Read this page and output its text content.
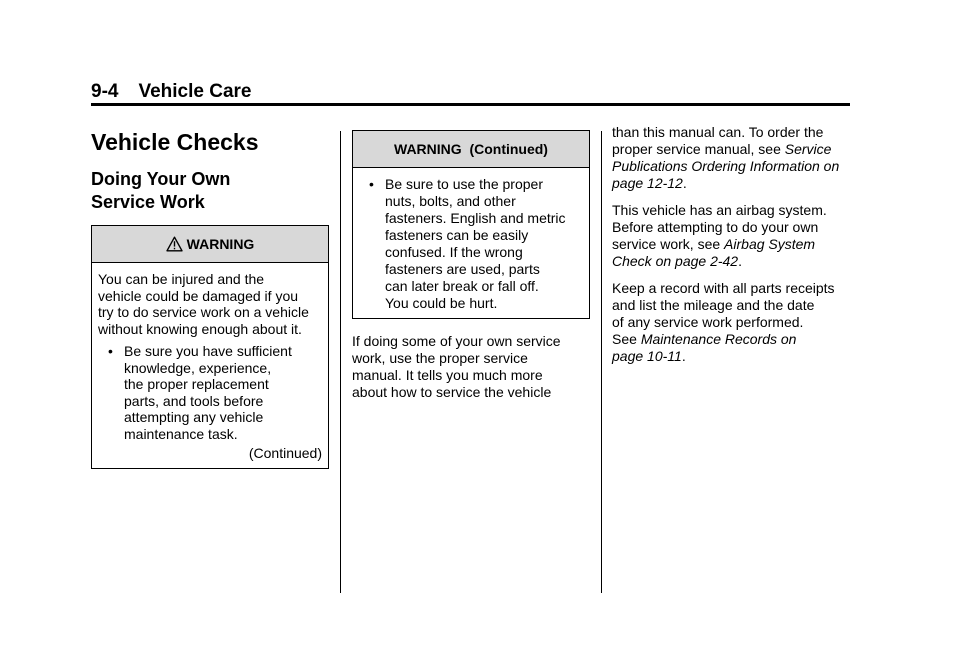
9-4 Vehicle Care
Vehicle Checks
Doing Your Own
Service Work
WARNING

You can be injured and the
vehicle could be damaged if you
try to do service work on a vehicle
without knowing enough about it.

• Be sure you have sufficient
knowledge, experience,
the proper replacement
parts, and tools before
attempting any vehicle
maintenance task.
(Continued)
WARNING  (Continued)
• Be sure to use the proper
nuts, bolts, and other
fasteners. English and metric
fasteners can be easily
confused. If the wrong
fasteners are used, parts
can later break or fall off.
You could be hurt.

If doing some of your own service
work, use the proper service
manual. It tells you much more
about how to service the vehicle

than this manual can. To order the
proper service manual, see Service
Publications Ordering Information on
page 12-12.

This vehicle has an airbag system.
Before attempting to do your own
service work, see Airbag System
Check on page 2-42.

Keep a record with all parts receipts
and list the mileage and the date
of any service work performed.
See Maintenance Records on
page 10-11.
